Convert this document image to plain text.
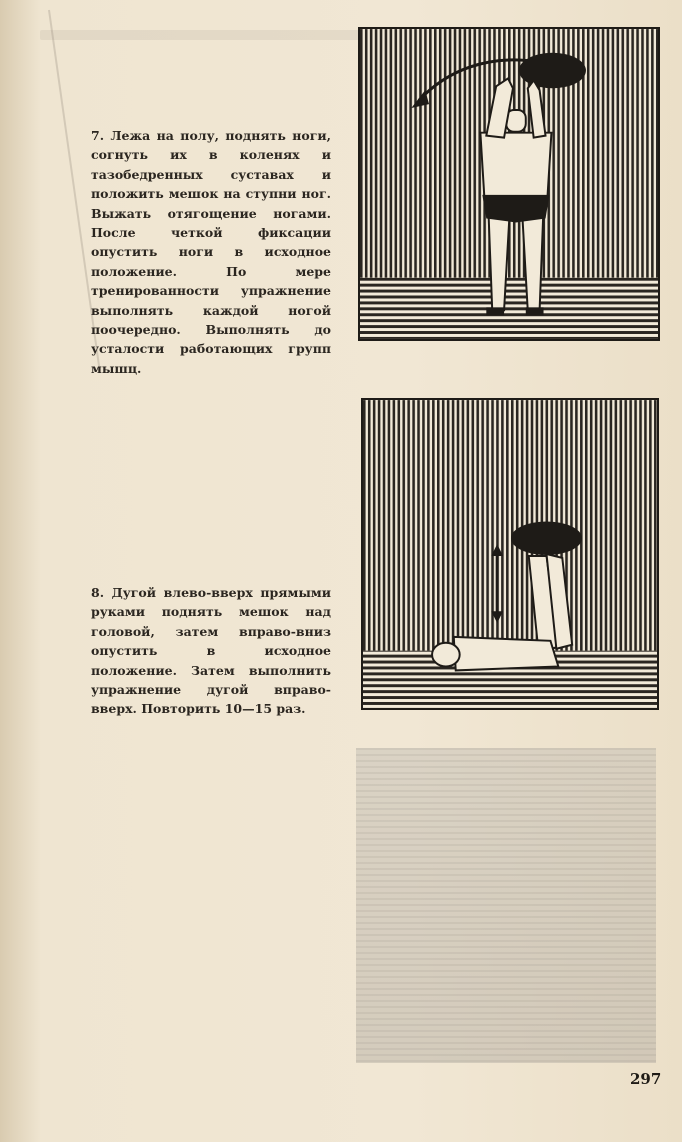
7. Лежа на полу, поднять ноги, согнуть их в коленях и тазобедренных суставах и положить мешок на ступни ног. Выжать отягощение ногами. После четкой фиксации опустить ноги в исходное положение. По мере тренированности упражнение выполнять каждой ногой поочередно. Выполнять до усталости работающих групп мышц.

8. Дугой влево-вверх прямыми руками поднять мешок над головой, затем вправо-вниз опустить в исходное положение. Затем выполнить упражнение дугой вправо-вверх. Повторить 10—15 раз.

297
